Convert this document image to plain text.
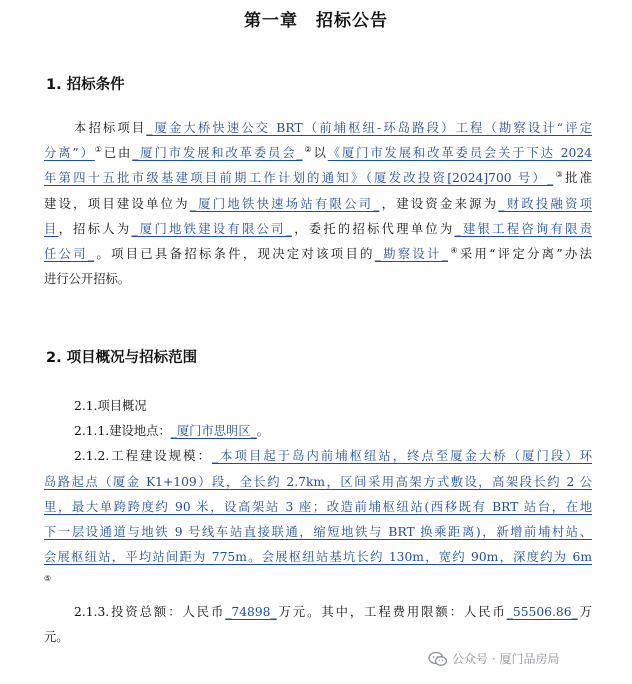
第一章　招标公告
1. 招标条件
本招标项目_厦金大桥快速公交 BRT（前埔枢纽-环岛路段）工程（勘察设计“评定
分离”）①已由_厦门市发展和改革委员会_②以《厦门市发展和改革委员会关于下达 2024
年第四十五批市级基建项目前期工作计划的通知》（厦发改投资[2024]700 号）_③批准
建设，项目建设单位为_厦门地铁快速场站有限公司_，建设资金来源为_财政投融资项
目，招标人为_厦门地铁建设有限公司_，委托的招标代理单位为_建银工程咨询有限责
任公司_。项目已具备招标条件，现决定对该项目的_勘察设计_④采用“评定分离”办法
进行公开招标。
2. 项目概况与招标范围
2.1.项目概况
2.1.1.建设地点：_厦门市思明区_。
2.1.2.工程建设规模：_本项目起于岛内前埔枢纽站，终点至厦金大桥（厦门段）环
岛路起点（厦金 K1+109）段，全长约 2.7km，区间采用高架方式敷设，高架段长约 2 公
里，最大单跨跨度约 90 米，设高架站 3 座；改造前埔枢纽站(西移既有 BRT 站台，在地
下一层设通道与地铁 9 号线车站直接联通，缩短地铁与 BRT 换乘距离)，新增前埔村站、
会展枢纽站，平均站间距为 775m。会展枢纽站基坑长约 130m，宽约 90m，深度约为 6m
⑤
2.1.3.投资总额：人民币_74898_万元。其中，工程费用限额：人民币_55506.86_万
元。
公众号 · 厦门品房局
